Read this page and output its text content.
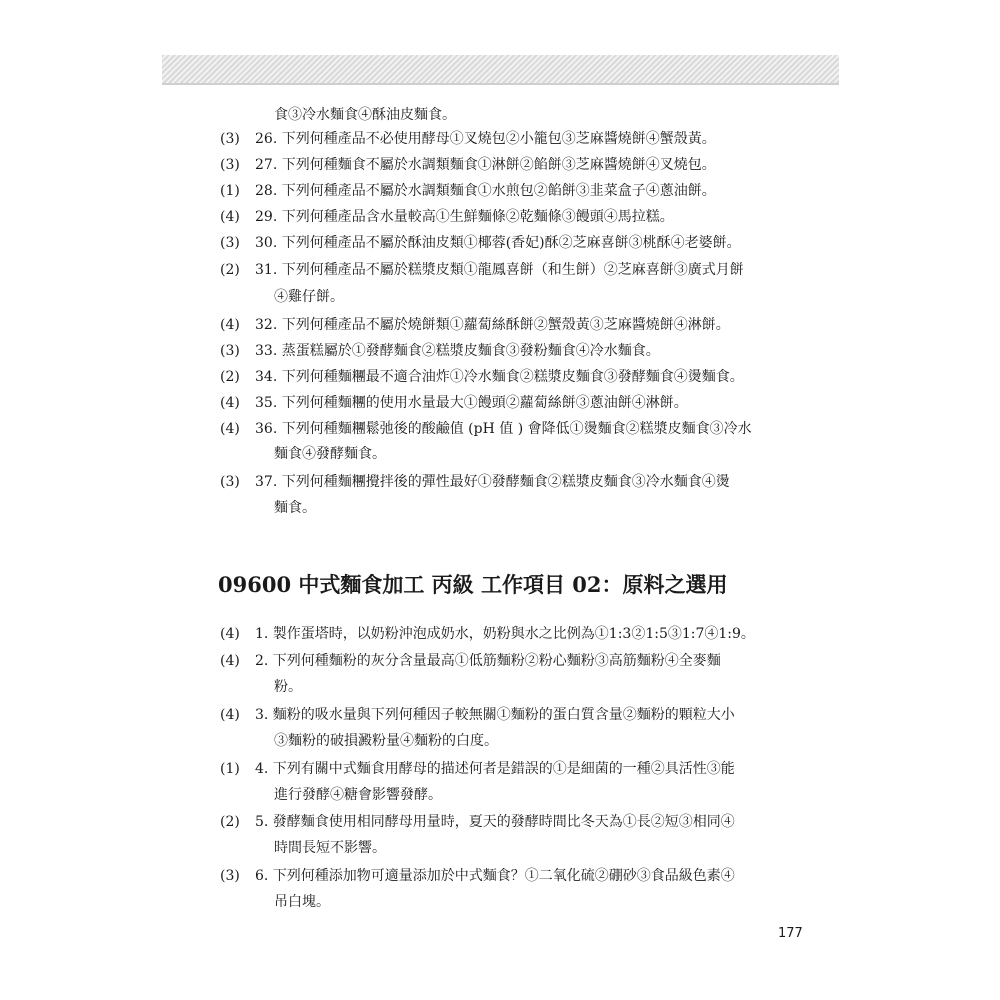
食③冷水麵食④酥油皮麵食。
(3) 26. 下列何種產品不必使用酵母①叉燒包②小籠包③芝麻醬燒餅④蟹殼黃。
(3) 27. 下列何種麵食不屬於水調類麵食①淋餅②餡餅③芝麻醬燒餅④叉燒包。
(1) 28. 下列何種產品不屬於水調類麵食①水煎包②餡餅③韭菜盒子④蔥油餅。
(4) 29. 下列何種產品含水量較高①生鮮麵條②乾麵條③饅頭④馬拉糕。
(3) 30. 下列何種產品不屬於酥油皮類①椰蓉(香妃)酥②芝麻喜餅③桃酥④老婆餅。
(2) 31. 下列何種產品不屬於糕漿皮類①龍鳳喜餅（和生餅）②芝麻喜餅③廣式月餅
④雞仔餅。
(4) 32. 下列何種產品不屬於燒餅類①蘿蔔絲酥餅②蟹殼黃③芝麻醬燒餅④淋餅。
(3) 33. 蒸蛋糕屬於①發酵麵食②糕漿皮麵食③發粉麵食④冷水麵食。
(2) 34. 下列何種麵糰最不適合油炸①冷水麵食②糕漿皮麵食③發酵麵食④燙麵食。
(4) 35. 下列何種麵糰的使用水量最大①饅頭②蘿蔔絲餅③蔥油餅④淋餅。
(4) 36. 下列何種麵糰鬆弛後的酸鹼值 (pH 值 ) 會降低①燙麵食②糕漿皮麵食③冷水
麵食④發酵麵食。
(3) 37. 下列何種麵糰攪拌後的彈性最好①發酵麵食②糕漿皮麵食③冷水麵食④燙
麵食。
09600 中式麵食加工 丙級 工作項目 02：原料之選用
(4) 1. 製作蛋塔時，以奶粉沖泡成奶水，奶粉與水之比例為①1:3②1:5③1:7④1:9。
(4) 2. 下列何種麵粉的灰分含量最高①低筋麵粉②粉心麵粉③高筋麵粉④全麥麵
粉。
(4) 3. 麵粉的吸水量與下列何種因子較無關①麵粉的蛋白質含量②麵粉的顆粒大小
③麵粉的破損澱粉量④麵粉的白度。
(1) 4. 下列有關中式麵食用酵母的描述何者是錯誤的①是細菌的一種②具活性③能
進行發酵④糖會影響發酵。
(2) 5. 發酵麵食使用相同酵母用量時，夏天的發酵時間比冬天為①長②短③相同④
時間長短不影響。
(3) 6. 下列何種添加物可適量添加於中式麵食？①二氧化硫②硼砂③食品級色素④
吊白塊。
177
